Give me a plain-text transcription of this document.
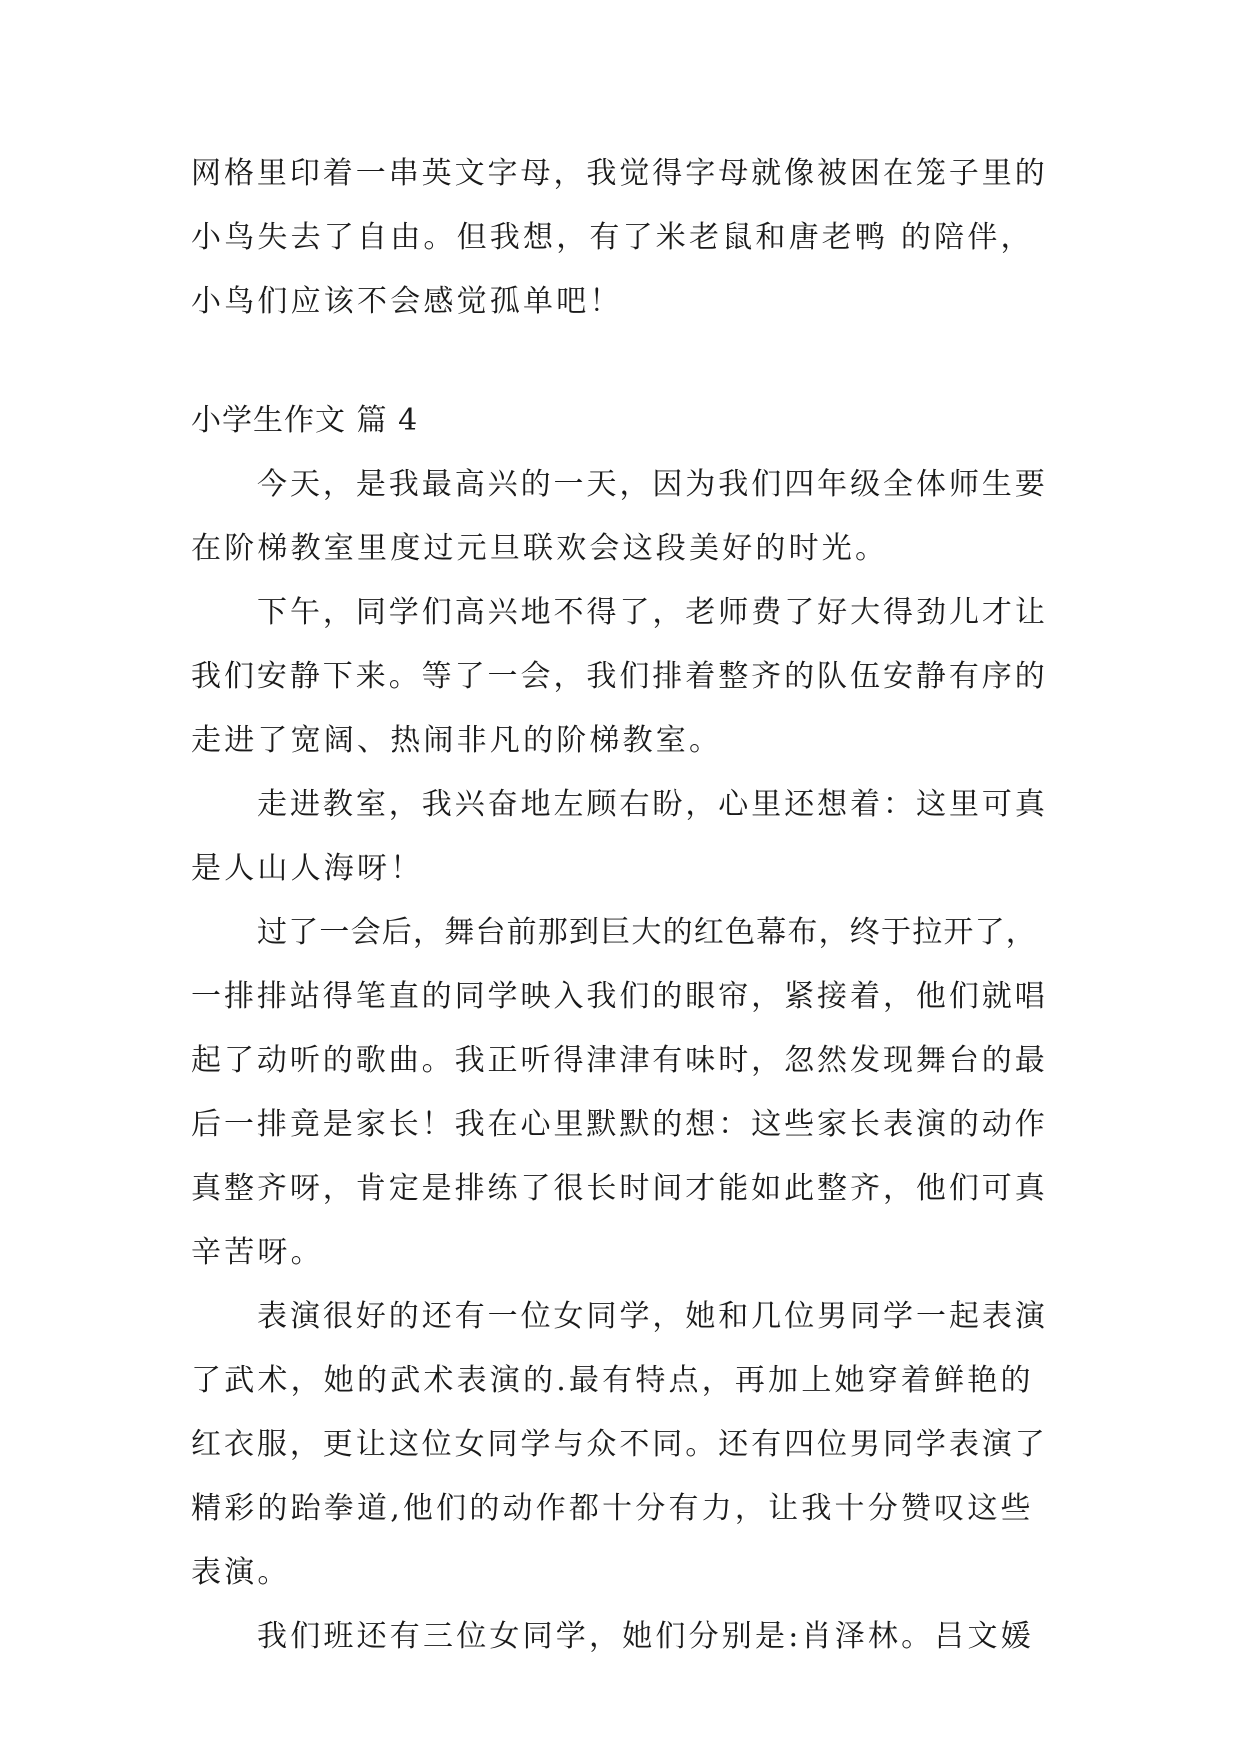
网格里印着一串英文字母，我觉得字母就像被困在笼子里的
小鸟失去了自由。但我想，有了米老鼠和唐老鸭 的陪伴，
小鸟们应该不会感觉孤单吧！
小学生作文 篇 4
今天，是我最高兴的一天，因为我们四年级全体师生要
在阶梯教室里度过元旦联欢会这段美好的时光。
下午，同学们高兴地不得了，老师费了好大得劲儿才让
我们安静下来。等了一会，我们排着整齐的队伍安静有序的
走进了宽阔、热闹非凡的阶梯教室。
走进教室，我兴奋地左顾右盼，心里还想着：这里可真
是人山人海呀！
过了一会后，舞台前那到巨大的红色幕布，终于拉开了，
一排排站得笔直的同学映入我们的眼帘，紧接着，他们就唱
起了动听的歌曲。我正听得津津有味时，忽然发现舞台的最
后一排竟是家长！我在心里默默的想：这些家长表演的动作
真整齐呀，肯定是排练了很长时间才能如此整齐，他们可真
辛苦呀。
表演很好的还有一位女同学，她和几位男同学一起表演
了武术，她的武术表演的.最有特点，再加上她穿着鲜艳的
红衣服，更让这位女同学与众不同。还有四位男同学表演了
精彩的跆拳道,他们的动作都十分有力，让我十分赞叹这些
表演。
我们班还有三位女同学，她们分别是:肖泽林。吕文媛
